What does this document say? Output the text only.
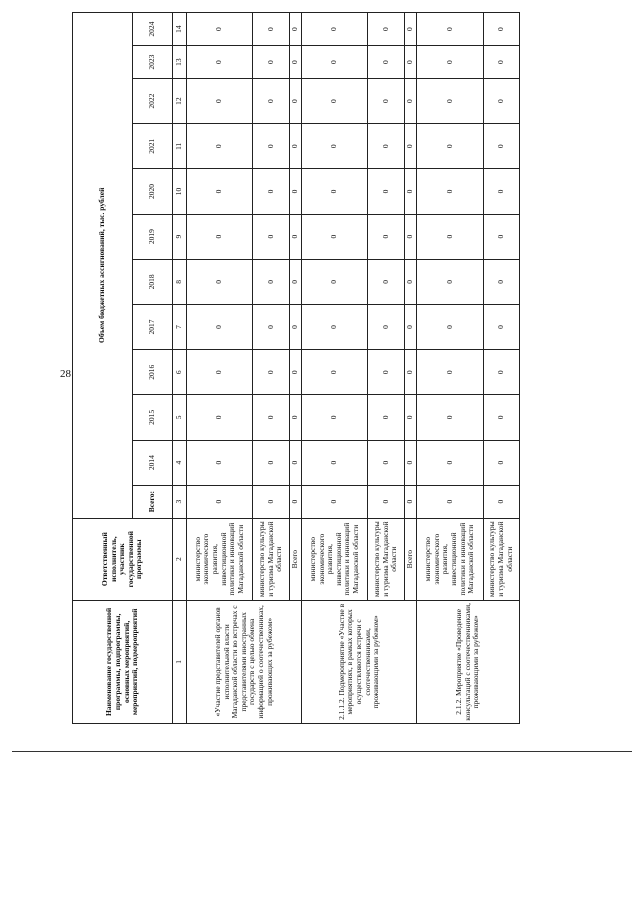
28
Наименование государственной программы, подпрограммы, основных мероприятий, мероприятий, подмероприятий	Ответственный исполнитель, участник государственной программы	Объем бюджетных ассигнований, тыс. рублей											
		Всего:	2014	2015	2016	2017	2018	2019	2020	2021	2022	2023	2024
1	2	3	4	5	6	7	8	9	10	11	12	13	14
«Участие представителей органов исполнительной власти Магаданской области во встречах с представителями иностранных государств с целью обмена информацией о соотечественниках, проживающих за рубежом»	министерство экономического развития, инвестиционной политики и инноваций Магаданской области	0	0	0	0	0	0	0	0	0	0	0	0
	министерство культуры и туризма Магаданской области	0	0	0	0	0	0	0	0	0	0	0	0
	Всего	0	0	0	0	0	0	0	0	0	0	0	0
2.1.1.2. Подмероприятие «Участие в мероприятиях, в рамках которых осуществляются встречи с соотечественниками, проживающими за рубежом»	министерство экономического развития, инвестиционной политики и инноваций Магаданской области	0	0	0	0	0	0	0	0	0	0	0	0
	министерство культуры и туризма Магаданской области	0	0	0	0	0	0	0	0	0	0	0	0
	Всего	0	0	0	0	0	0	0	0	0	0	0	0
2.1.2. Мероприятие «Проведение консультаций с соотечественниками, проживающими за рубежом»	министерство экономического развития, инвестиционной политики и инноваций Магаданской области	0	0	0	0	0	0	0	0	0	0	0	0
	министерство культуры и туризма Магаданской области	0	0	0	0	0	0	0	0	0	0	0	0
